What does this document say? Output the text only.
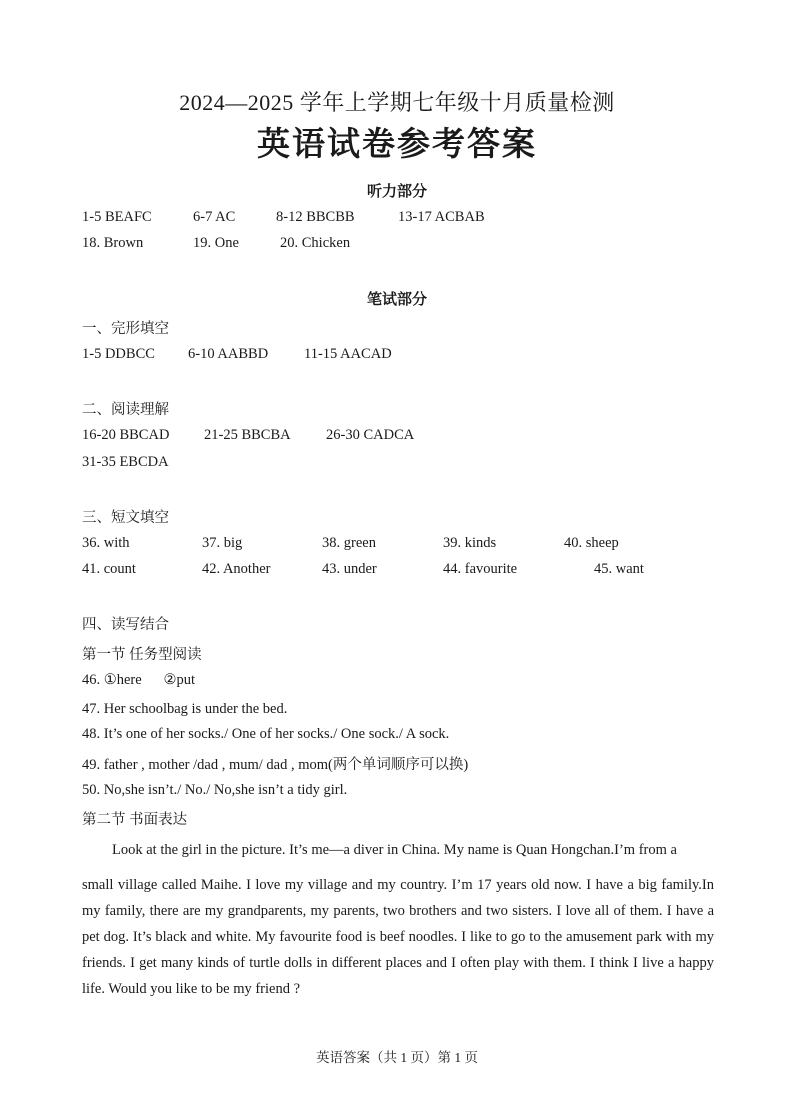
2024—2025 学年上学期七年级十月质量检测
英语试卷参考答案
听力部分
1-5 BEAFC	6-7 AC	8-12 BBCBB	13-17 ACBAB
18. Brown	19. One	20. Chicken
笔试部分
一、完形填空
1-5 DDBCC 6-10 AABBD 11-15 AACAD
二、阅读理解
16-20 BBCAD 21-25 BBCBA 26-30 CADCA
31-35 EBCDA
三、短文填空
36. with	37. big	38. green	39. kinds	40. sheep
41. count	42. Another	43. under	44. favourite	45. want
四、读写结合
第一节 任务型阅读
46. ①here      ②put
47. Her schoolbag is under the bed.
48. It’s one of her socks./ One of her socks./ One sock./ A sock.
49. father , mother /dad , mum/ dad , mom(两个单词顺序可以换)
50. No,she isn’t./ No./ No,she isn’t a tidy girl.
第二节 书面表达
Look at the girl in the picture. It’s me—a diver in China. My name is Quan Hongchan.I’m from a
small village called Maihe. I love my village and my country. I’m 17 years old now. I have a big family.In my family, there are my grandparents, my parents, two brothers and two sisters. I love all of them. I have a pet dog. It’s black and white. My favourite food is beef noodles. I like to go to the amusement park with my friends. I get many kinds of turtle dolls in different places and I often play with them. I think I live a happy life. Would you like to be my friend ?
英语答案（共 1 页）第 1 页
